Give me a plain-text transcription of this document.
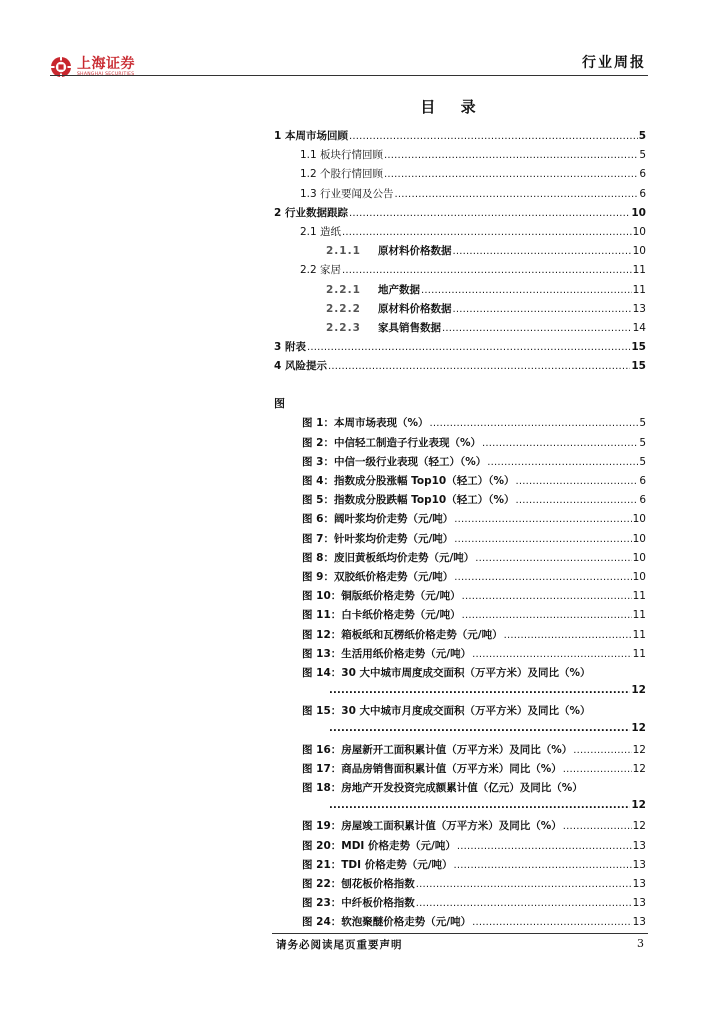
上海证券
SHANGHAI SECURITIES
行业周报
目 录
1 本周市场回顾 .....	5
1.1 板块行情回顾 .....	5
1.2 个股行情回顾 .....	6
1.3 行业要闻及公告 .....	6
2 行业数据跟踪 .....	10
2.1 造纸 .....	10
2.1.1 原材料价格数据 .....	10
2.2 家居 .....	11
2.2.1 地产数据 .....	11
2.2.2 原材料价格数据 .....	13
2.2.3 家具销售数据 .....	14
3 附表 .....	15
4 风险提示 .....	15
图
图 1：本周市场表现（%） .....	5
图 2：中信轻工制造子行业表现（%） .....	5
图 3：中信一级行业表现（轻工）（%） .....	5
图 4：指数成分股涨幅 Top10（轻工）（%） .....	6
图 5：指数成分股跌幅 Top10（轻工）（%） .....	6
图 6：阔叶浆均价走势（元/吨） .....	10
图 7：针叶浆均价走势（元/吨） .....	10
图 8：废旧黄板纸均价走势（元/吨） .....	10
图 9：双胶纸价格走势（元/吨） .....	10
图 10：铜版纸价格走势（元/吨） .....	11
图 11：白卡纸价格走势（元/吨） .....	11
图 12：箱板纸和瓦楞纸价格走势（元/吨） .....	11
图 13：生活用纸价格走势（元/吨） .....	11
图 14：30 大中城市周度成交面积（万平方米）及同比（%）
.....
12
图 15：30 大中城市月度成交面积（万平方米）及同比（%）
.....
12
图 16：房屋新开工面积累计值（万平方米）及同比（%） .....	12
图 17：商品房销售面积累计值（万平方米）同比（%） .....	12
图 18：房地产开发投资完成额累计值（亿元）及同比（%）
.....
12
图 19：房屋竣工面积累计值（万平方米）及同比（%） .....	12
图 20：MDI 价格走势（元/吨） .....	13
图 21：TDI 价格走势（元/吨） .....	13
图 22：刨花板价格指数 .....	13
图 23：中纤板价格指数 .....	13
图 24：软泡聚醚价格走势（元/吨） .....	13
请务必阅读尾页重要声明	3
